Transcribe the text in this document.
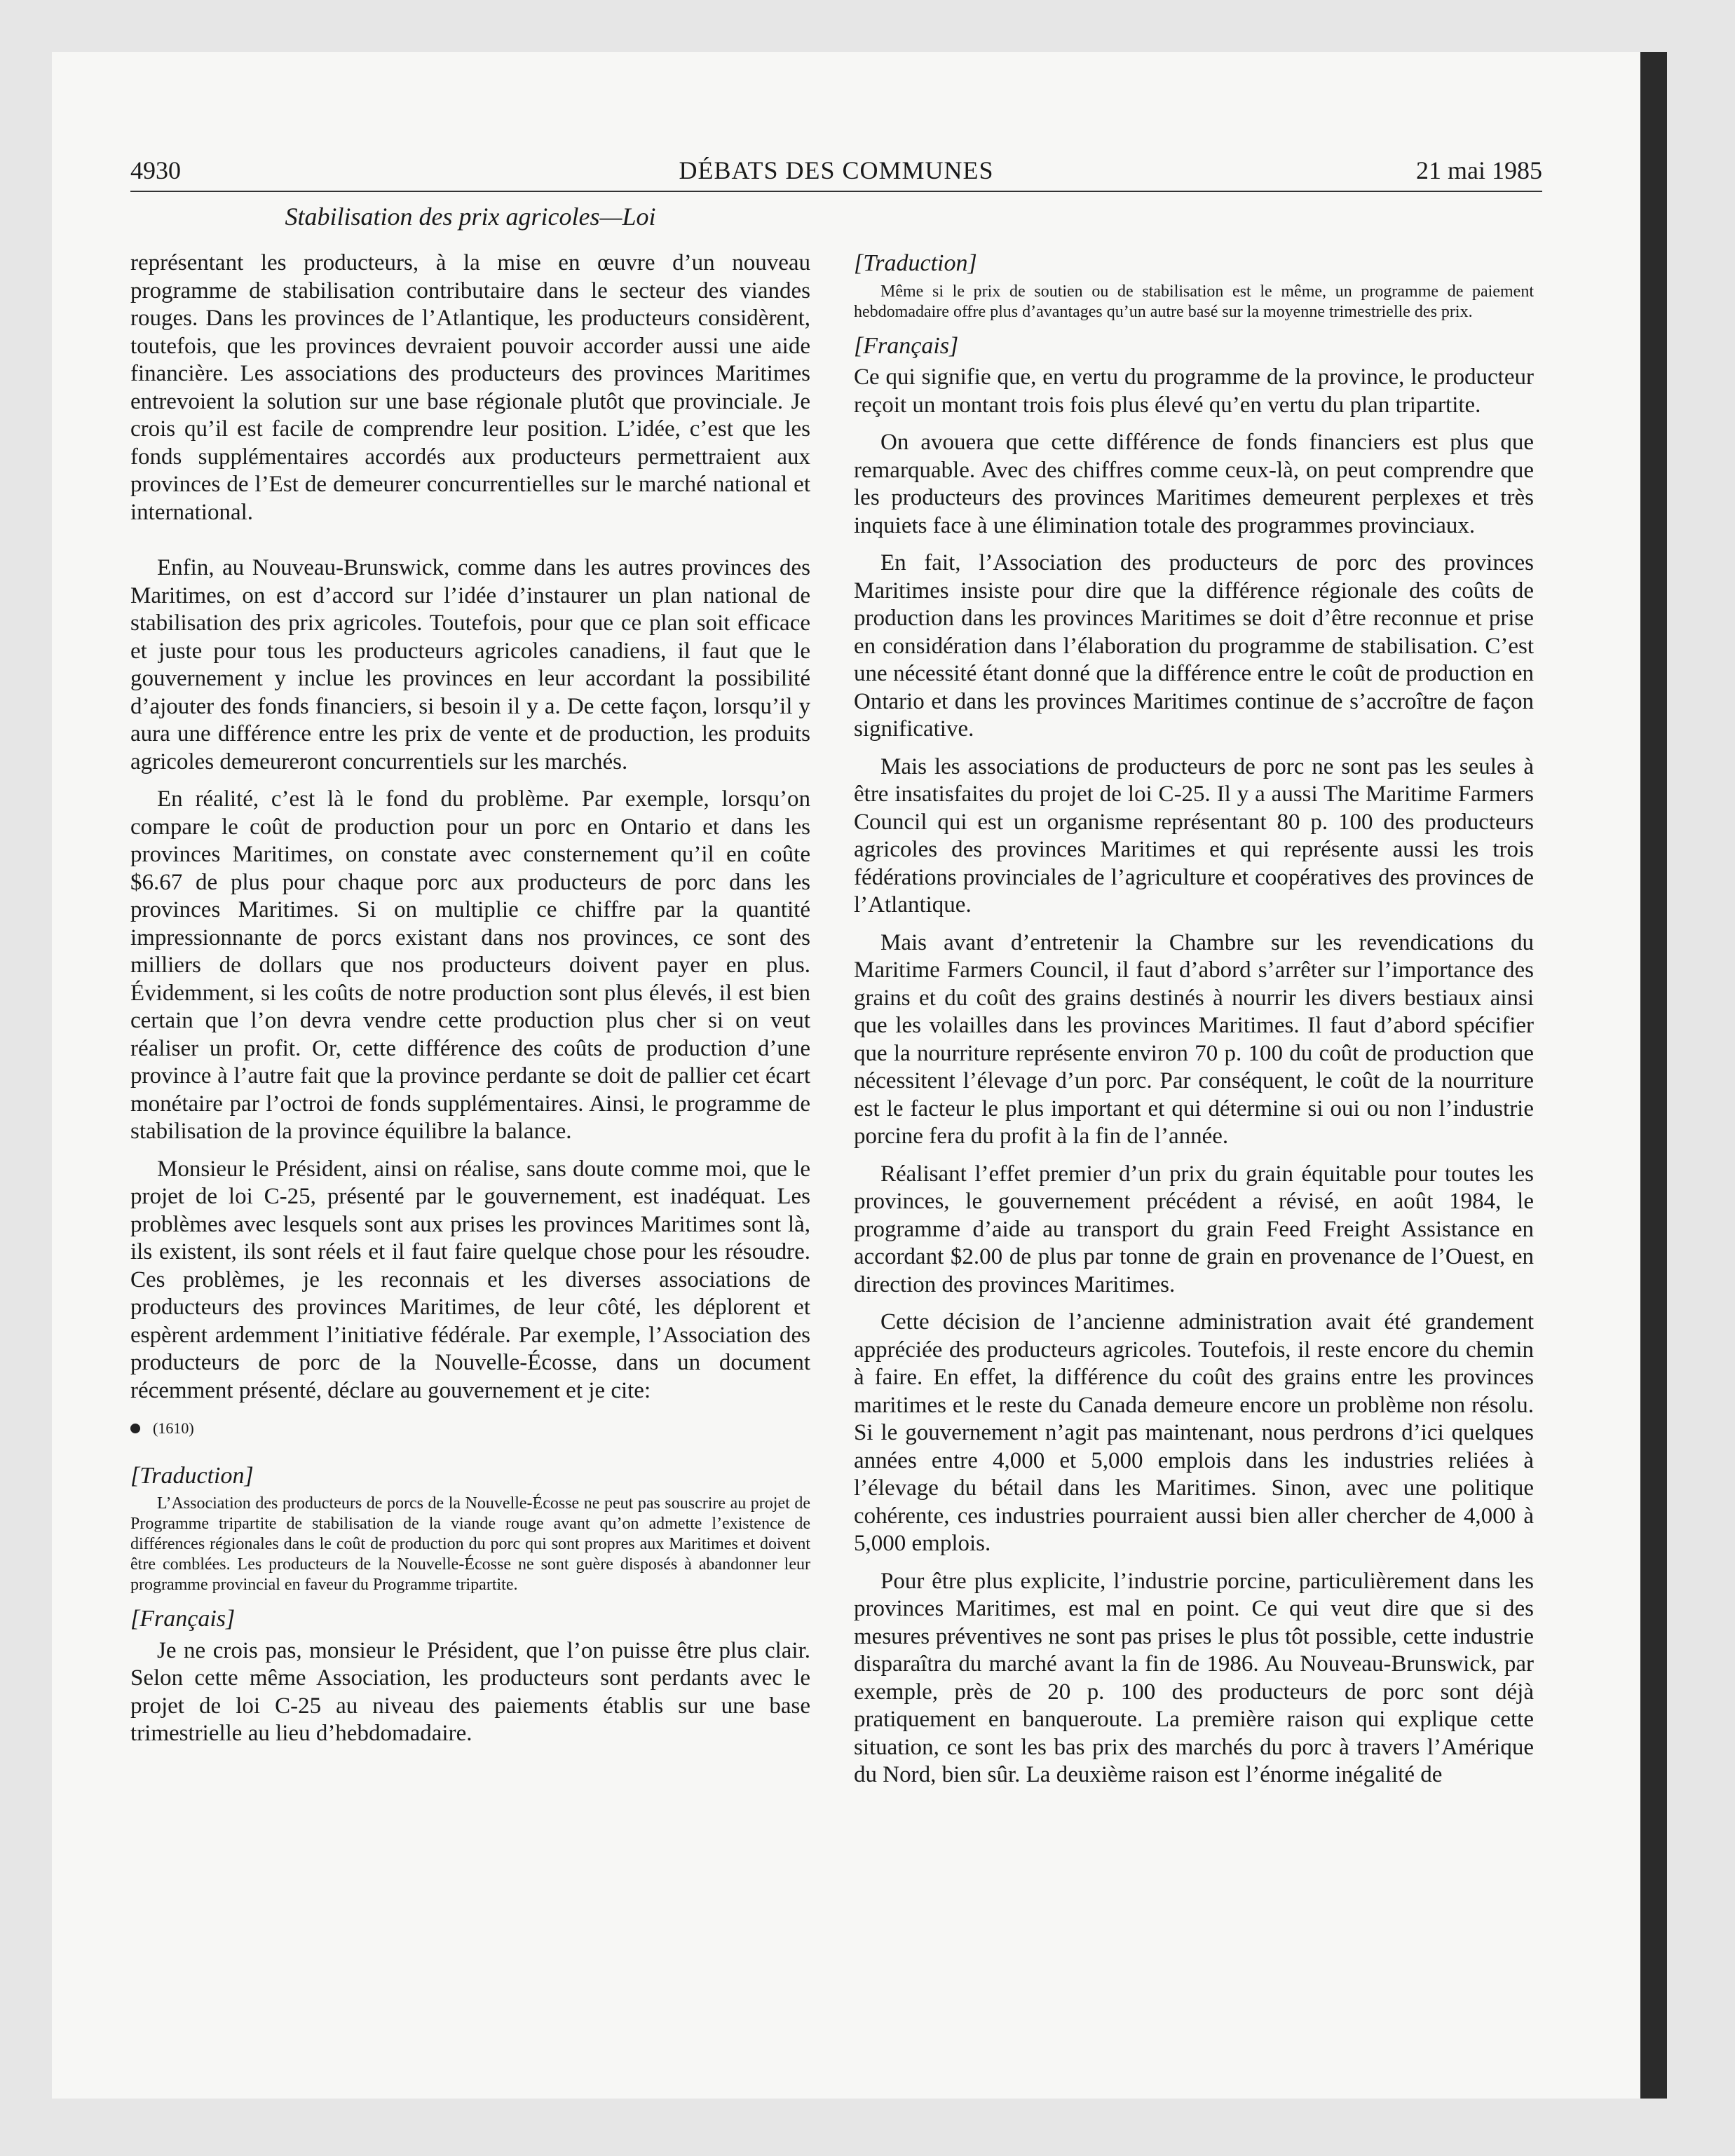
4930	DÉBATS DES COMMUNES	21 mai 1985
Stabilisation des prix agricoles—Loi

représentant les producteurs, à la mise en œuvre d’un nouveau programme de stabilisation contributaire dans le secteur des viandes rouges. Dans les provinces de l’Atlantique, les producteurs considèrent, toutefois, que les provinces devraient pouvoir accorder aussi une aide financière. Les associations des producteurs des provinces Maritimes entrevoient la solution sur une base régionale plutôt que provinciale. Je crois qu’il est facile de comprendre leur position. L’idée, c’est que les fonds supplémentaires accordés aux producteurs permettraient aux provinces de l’Est de demeurer concurrentielles sur le marché national et international.

Enfin, au Nouveau-Brunswick, comme dans les autres provinces des Maritimes, on est d’accord sur l’idée d’instaurer un plan national de stabilisation des prix agricoles. Toutefois, pour que ce plan soit efficace et juste pour tous les producteurs agricoles canadiens, il faut que le gouvernement y inclue les provinces en leur accordant la possibilité d’ajouter des fonds financiers, si besoin il y a. De cette façon, lorsqu’il y aura une différence entre les prix de vente et de production, les produits agricoles demeureront concurrentiels sur les marchés.

En réalité, c’est là le fond du problème. Par exemple, lorsqu’on compare le coût de production pour un porc en Ontario et dans les provinces Maritimes, on constate avec consternement qu’il en coûte $6.67 de plus pour chaque porc aux producteurs de porc dans les provinces Maritimes. Si on multiplie ce chiffre par la quantité impressionnante de porcs existant dans nos provinces, ce sont des milliers de dollars que nos producteurs doivent payer en plus. Évidemment, si les coûts de notre production sont plus élevés, il est bien certain que l’on devra vendre cette production plus cher si on veut réaliser un profit. Or, cette différence des coûts de production d’une province à l’autre fait que la province perdante se doit de pallier cet écart monétaire par l’octroi de fonds supplémentaires. Ainsi, le programme de stabilisation de la province équilibre la balance.

Monsieur le Président, ainsi on réalise, sans doute comme moi, que le projet de loi C-25, présenté par le gouvernement, est inadéquat. Les problèmes avec lesquels sont aux prises les provinces Maritimes sont là, ils existent, ils sont réels et il faut faire quelque chose pour les résoudre. Ces problèmes, je les reconnais et les diverses associations de producteurs des provinces Maritimes, de leur côté, les déplorent et espèrent ardemment l’initiative fédérale. Par exemple, l’Association des producteurs de porc de la Nouvelle-Écosse, dans un document récemment présenté, déclare au gouvernement et je cite:

(1610)
[Traduction]

L’Association des producteurs de porcs de la Nouvelle-Écosse ne peut pas souscrire au projet de Programme tripartite de stabilisation de la viande rouge avant qu’on admette l’existence de différences régionales dans le coût de production du porc qui sont propres aux Maritimes et doivent être comblées. Les producteurs de la Nouvelle-Écosse ne sont guère disposés à abandonner leur programme provincial en faveur du Programme tripartite.

[Français]

Je ne crois pas, monsieur le Président, que l’on puisse être plus clair. Selon cette même Association, les producteurs sont perdants avec le projet de loi C-25 au niveau des paiements établis sur une base trimestrielle au lieu d’hebdomadaire.

[Traduction]

Même si le prix de soutien ou de stabilisation est le même, un programme de paiement hebdomadaire offre plus d’avantages qu’un autre basé sur la moyenne trimestrielle des prix.

[Français]

Ce qui signifie que, en vertu du programme de la province, le producteur reçoit un montant trois fois plus élevé qu’en vertu du plan tripartite.

On avouera que cette différence de fonds financiers est plus que remarquable. Avec des chiffres comme ceux-là, on peut comprendre que les producteurs des provinces Maritimes demeurent perplexes et très inquiets face à une élimination totale des programmes provinciaux.

En fait, l’Association des producteurs de porc des provinces Maritimes insiste pour dire que la différence régionale des coûts de production dans les provinces Maritimes se doit d’être reconnue et prise en considération dans l’élaboration du programme de stabilisation. C’est une nécessité étant donné que la différence entre le coût de production en Ontario et dans les provinces Maritimes continue de s’accroître de façon significative.

Mais les associations de producteurs de porc ne sont pas les seules à être insatisfaites du projet de loi C-25. Il y a aussi The Maritime Farmers Council qui est un organisme représentant 80 p. 100 des producteurs agricoles des provinces Maritimes et qui représente aussi les trois fédérations provinciales de l’agriculture et coopératives des provinces de l’Atlantique.

Mais avant d’entretenir la Chambre sur les revendications du Maritime Farmers Council, il faut d’abord s’arrêter sur l’importance des grains et du coût des grains destinés à nourrir les divers bestiaux ainsi que les volailles dans les provinces Maritimes. Il faut d’abord spécifier que la nourriture représente environ 70 p. 100 du coût de production que nécessitent l’élevage d’un porc. Par conséquent, le coût de la nourriture est le facteur le plus important et qui détermine si oui ou non l’industrie porcine fera du profit à la fin de l’année.

Réalisant l’effet premier d’un prix du grain équitable pour toutes les provinces, le gouvernement précédent a révisé, en août 1984, le programme d’aide au transport du grain Feed Freight Assistance en accordant $2.00 de plus par tonne de grain en provenance de l’Ouest, en direction des provinces Maritimes.

Cette décision de l’ancienne administration avait été grandement appréciée des producteurs agricoles. Toutefois, il reste encore du chemin à faire. En effet, la différence du coût des grains entre les provinces maritimes et le reste du Canada demeure encore un problème non résolu. Si le gouvernement n’agit pas maintenant, nous perdrons d’ici quelques années entre 4,000 et 5,000 emplois dans les industries reliées à l’élevage du bétail dans les Maritimes. Sinon, avec une politique cohérente, ces industries pourraient aussi bien aller chercher de 4,000 à 5,000 emplois.

Pour être plus explicite, l’industrie porcine, particulièrement dans les provinces Maritimes, est mal en point. Ce qui veut dire que si des mesures préventives ne sont pas prises le plus tôt possible, cette industrie disparaîtra du marché avant la fin de 1986. Au Nouveau-Brunswick, par exemple, près de 20 p. 100 des producteurs de porc sont déjà pratiquement en banqueroute. La première raison qui explique cette situation, ce sont les bas prix des marchés du porc à travers l’Amérique du Nord, bien sûr. La deuxième raison est l’énorme inégalité de
